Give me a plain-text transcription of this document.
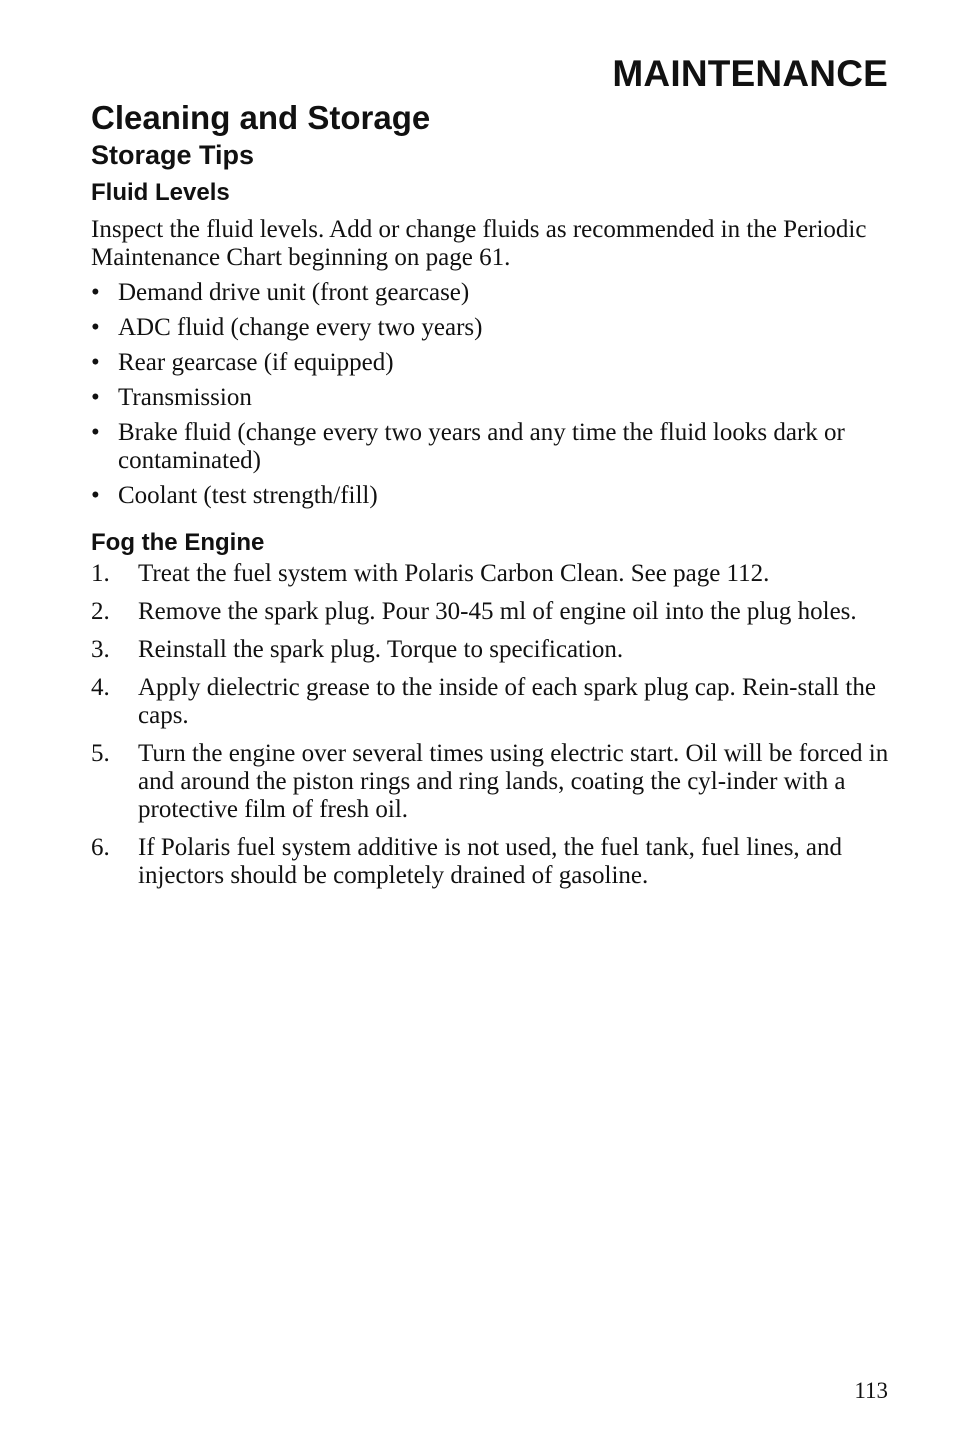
MAINTENANCE
Cleaning and Storage
Storage Tips
Fluid Levels

Inspect the fluid levels. Add or change fluids as recommended in the Periodic Maintenance Chart beginning on page 61.

• Demand drive unit (front gearcase)
• ADC fluid (change every two years)
• Rear gearcase (if equipped)
• Transmission
• Brake fluid (change every two years and any time the fluid looks dark or contaminated)
• Coolant (test strength/fill)
Fog the Engine
1. Treat the fuel system with Polaris Carbon Clean. See page 112.
2. Remove the spark plug. Pour 30-45 ml of engine oil into the plug holes.
3. Reinstall the spark plug. Torque to specification.
4. Apply dielectric grease to the inside of each spark plug cap. Rein-stall the caps.
5. Turn the engine over several times using electric start. Oil will be forced in and around the piston rings and ring lands, coating the cyl-inder with a protective film of fresh oil.
6. If Polaris fuel system additive is not used, the fuel tank, fuel lines, and injectors should be completely drained of gasoline.

113
